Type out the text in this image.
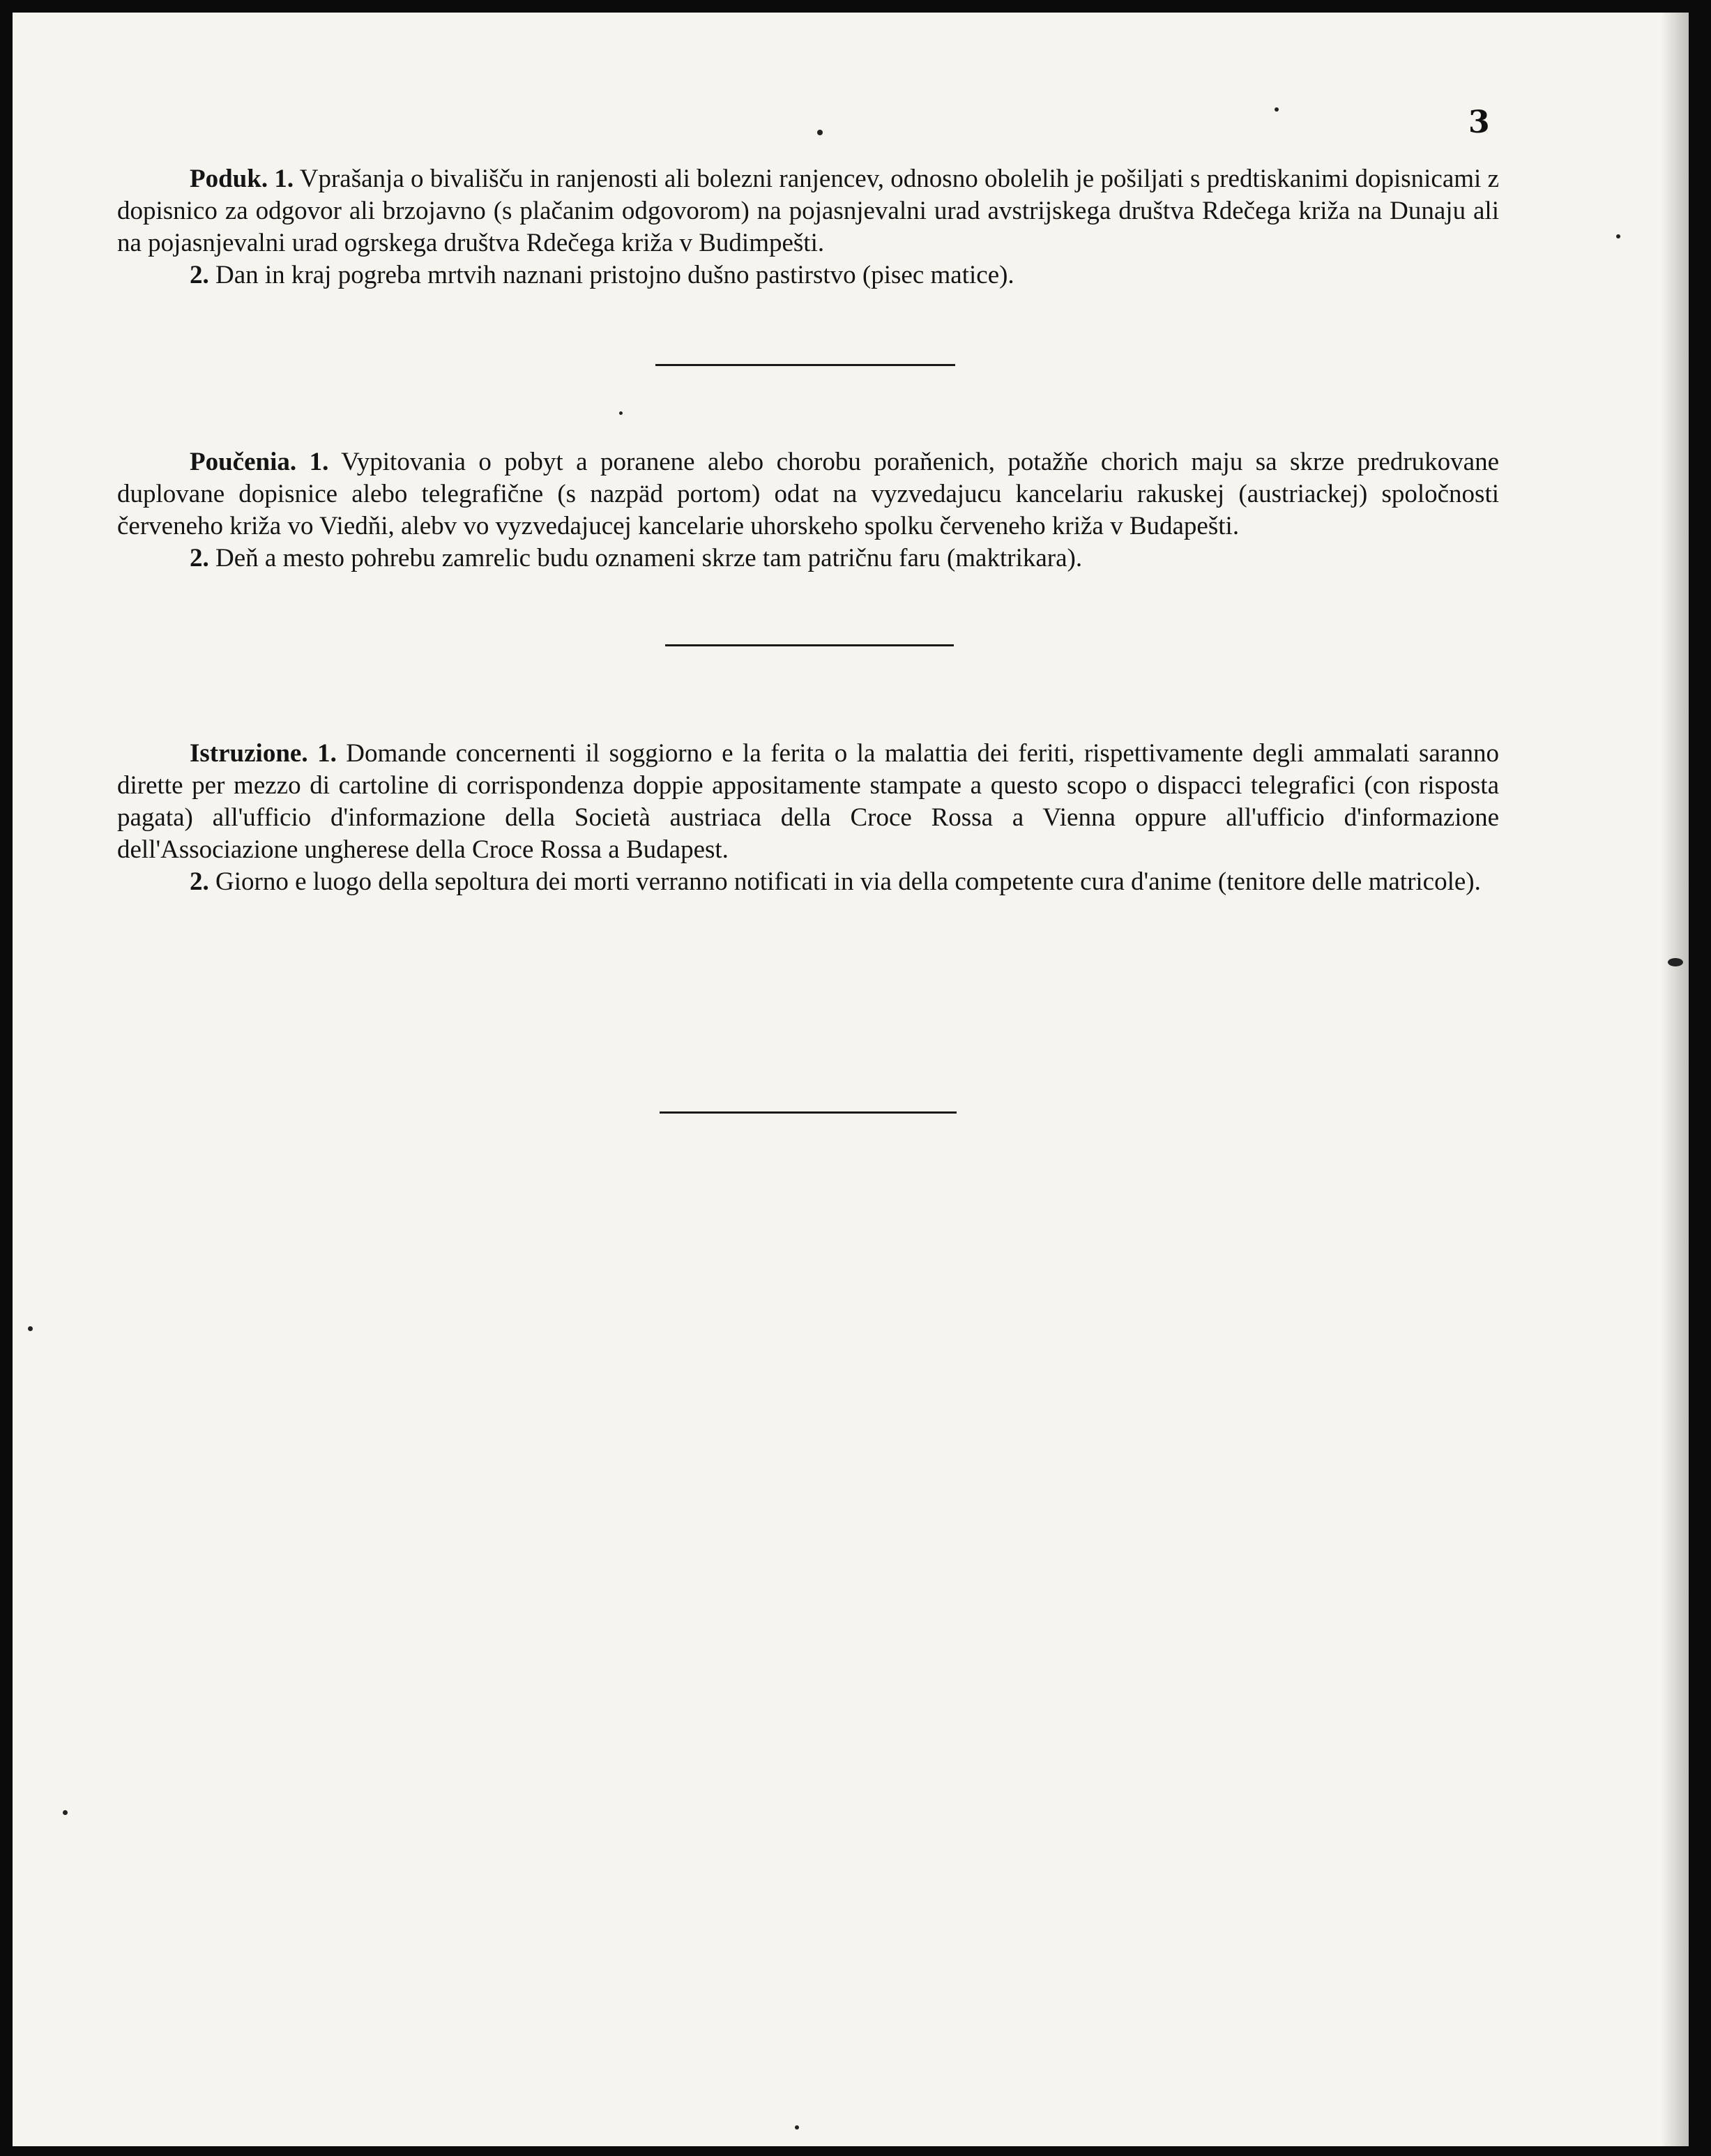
3

Poduk. 1. Vprašanja o bivališču in ranjenosti ali bolezni ranjencev, odnosno obolelih je pošiljati s predtiskanimi dopisnicami z dopisnico za odgovor ali brzojavno (s plačanim odgovorom) na pojasnjevalni urad avstrijskega društva Rdečega križa na Dunaju ali na pojasnjevalni urad ogrskega društva Rdečega križa v Budimpešti.

2. Dan in kraj pogreba mrtvih naznani pristojno dušno pastirstvo (pisec matice).

Poučenia. 1. Vypitovania o pobyt a poranene alebo chorobu poraňenich, potažňe chorich maju sa skrze predrukovane duplovane dopisnice alebo telegrafične (s nazpäd portom) odat na vyzvedajucu kancelariu rakuskej (austriackej) spoločnosti červeneho križa vo Viedňi, alebv vo vyzvedajucej kancelarie uhorskeho spolku červeneho križa v Budapešti.

2. Deň a mesto pohrebu zamrelic budu oznameni skrze tam patričnu faru (maktrikara).

Istruzione. 1. Domande concernenti il soggiorno e la ferita o la malattia dei feriti, rispettivamente degli ammalati saranno dirette per mezzo di cartoline di corrispondenza doppie appositamente stampate a questo scopo o dispacci telegrafici (con risposta pagata) all'ufficio d'informazione della Società austriaca della Croce Rossa a Vienna oppure all'ufficio d'informazione dell'Associazione ungherese della Croce Rossa a Budapest.

2. Giorno e luogo della sepoltura dei morti verranno notificati in via della competente cura d'anime (tenitore delle matricole).
